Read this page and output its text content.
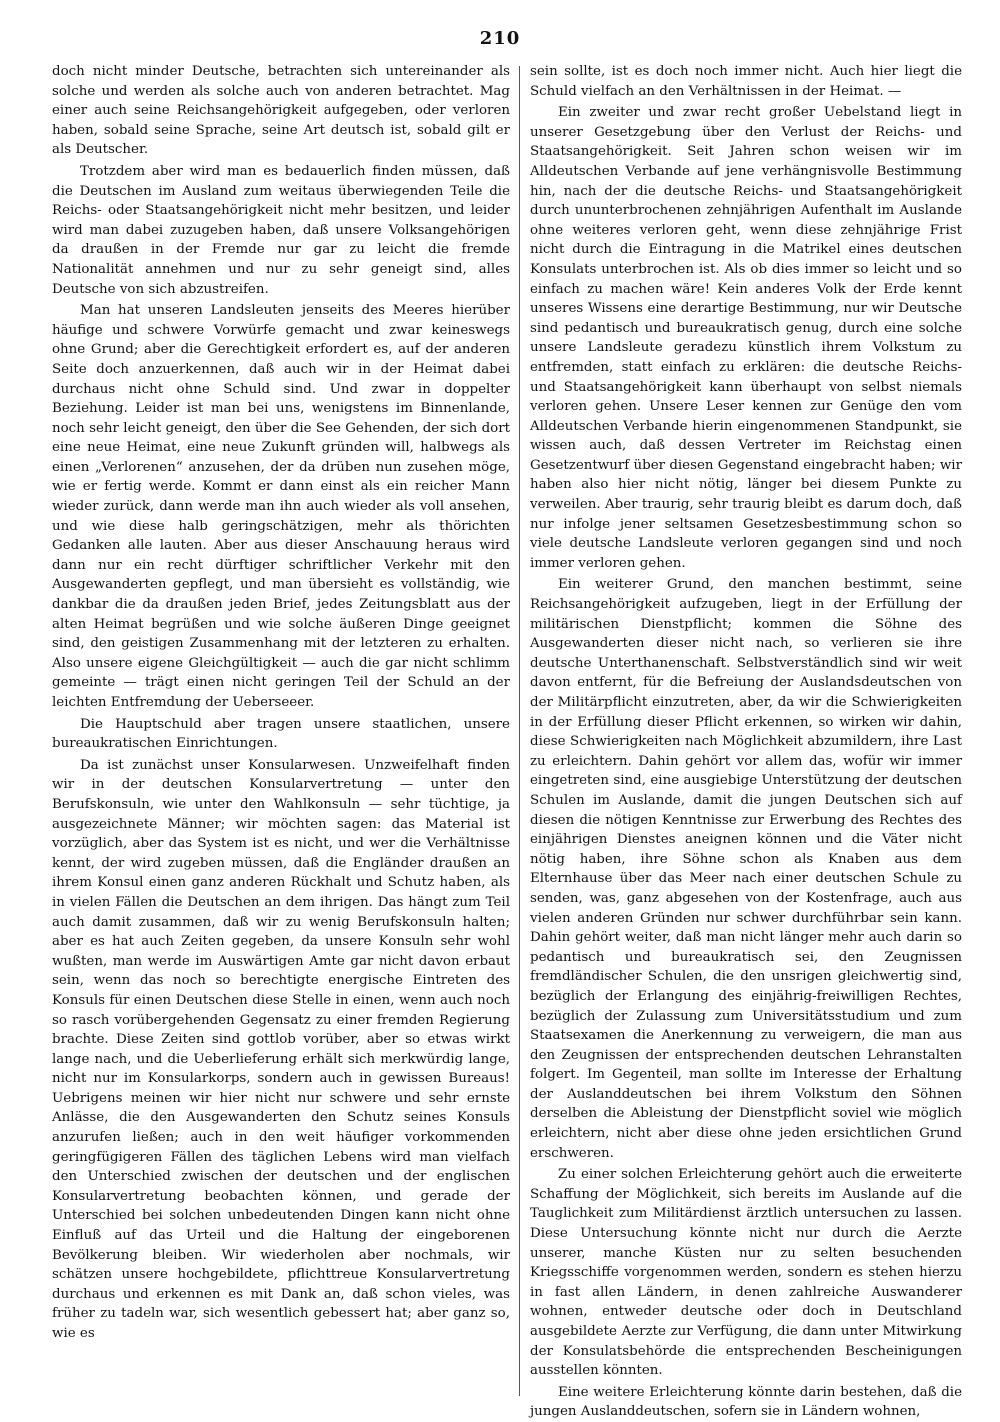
210

doch nicht minder Deutsche, betrachten sich untereinander als solche und werden als solche auch von anderen betrachtet. Mag einer auch seine Reichsangehörigkeit aufgegeben, oder verloren haben, sobald seine Sprache, seine Art deutsch ist, sobald gilt er als Deutscher.

Trotzdem aber wird man es bedauerlich finden müssen, daß die Deutschen im Ausland zum weitaus überwiegenden Teile die Reichs- oder Staatsangehörigkeit nicht mehr besitzen, und leider wird man dabei zuzugeben haben, daß unsere Volksangehörigen da draußen in der Fremde nur gar zu leicht die fremde Nationalität annehmen und nur zu sehr geneigt sind, alles Deutsche von sich abzustreifen.

Man hat unseren Landsleuten jenseits des Meeres hierüber häufige und schwere Vorwürfe gemacht und zwar keineswegs ohne Grund; aber die Gerechtigkeit erfordert es, auf der anderen Seite doch anzuerkennen, daß auch wir in der Heimat dabei durchaus nicht ohne Schuld sind. Und zwar in doppelter Beziehung. Leider ist man bei uns, wenigstens im Binnenlande, noch sehr leicht geneigt, den über die See Gehenden, der sich dort eine neue Heimat, eine neue Zukunft gründen will, halbwegs als einen „Verlorenen“ anzusehen, der da drüben nun zusehen möge, wie er fertig werde. Kommt er dann einst als ein reicher Mann wieder zurück, dann werde man ihn auch wieder als voll ansehen, und wie diese halb geringschätzigen, mehr als thörichten Gedanken alle lauten. Aber aus dieser Anschauung heraus wird dann nur ein recht dürftiger schriftlicher Verkehr mit den Ausgewanderten gepflegt, und man übersieht es vollständig, wie dankbar die da draußen jeden Brief, jedes Zeitungsblatt aus der alten Heimat begrüßen und wie solche äußeren Dinge geeignet sind, den geistigen Zusammenhang mit der letzteren zu erhalten. Also unsere eigene Gleichgültigkeit — auch die gar nicht schlimm gemeinte — trägt einen nicht geringen Teil der Schuld an der leichten Entfremdung der Ueberseeer.

Die Hauptschuld aber tragen unsere staatlichen, unsere bureaukratischen Einrichtungen.

Da ist zunächst unser Konsularwesen. Unzweifelhaft finden wir in der deutschen Konsularvertretung — unter den Berufskonsuln, wie unter den Wahlkonsuln — sehr tüchtige, ja ausgezeichnete Männer; wir möchten sagen: das Material ist vorzüglich, aber das System ist es nicht, und wer die Verhältnisse kennt, der wird zugeben müssen, daß die Engländer draußen an ihrem Konsul einen ganz anderen Rückhalt und Schutz haben, als in vielen Fällen die Deutschen an dem ihrigen. Das hängt zum Teil auch damit zusammen, daß wir zu wenig Berufskonsuln halten; aber es hat auch Zeiten gegeben, da unsere Konsuln sehr wohl wußten, man werde im Auswärtigen Amte gar nicht davon erbaut sein, wenn das noch so berechtigte energische Eintreten des Konsuls für einen Deutschen diese Stelle in einen, wenn auch noch so rasch vorübergehenden Gegensatz zu einer fremden Regierung brachte. Diese Zeiten sind gottlob vorüber, aber so etwas wirkt lange nach, und die Ueberlieferung erhält sich merkwürdig lange, nicht nur im Konsularkorps, sondern auch in gewissen Bureaus! Uebrigens meinen wir hier nicht nur schwere und sehr ernste Anlässe, die den Ausgewanderten den Schutz seines Konsuls anzurufen ließen; auch in den weit häufiger vorkommenden geringfügigeren Fällen des täglichen Lebens wird man vielfach den Unterschied zwischen der deutschen und der englischen Konsularvertretung beobachten können, und gerade der Unterschied bei solchen unbedeutenden Dingen kann nicht ohne Einfluß auf das Urteil und die Haltung der eingeborenen Bevölkerung bleiben. Wir wiederholen aber nochmals, wir schätzen unsere hochgebildete, pflichttreue Konsularvertretung durchaus und erkennen es mit Dank an, daß schon vieles, was früher zu tadeln war, sich wesentlich gebessert hat; aber ganz so, wie es

sein sollte, ist es doch noch immer nicht. Auch hier liegt die Schuld vielfach an den Verhältnissen in der Heimat. —

Ein zweiter und zwar recht großer Uebelstand liegt in unserer Gesetzgebung über den Verlust der Reichs- und Staatsangehörigkeit. Seit Jahren schon weisen wir im Alldeutschen Verbande auf jene verhängnisvolle Bestimmung hin, nach der die deutsche Reichs- und Staatsangehörigkeit durch ununterbrochenen zehnjährigen Aufenthalt im Auslande ohne weiteres verloren geht, wenn diese zehnjährige Frist nicht durch die Eintragung in die Matrikel eines deutschen Konsulats unterbrochen ist. Als ob dies immer so leicht und so einfach zu machen wäre! Kein anderes Volk der Erde kennt unseres Wissens eine derartige Bestimmung, nur wir Deutsche sind pedantisch und bureaukratisch genug, durch eine solche unsere Landsleute geradezu künstlich ihrem Volkstum zu entfremden, statt einfach zu erklären: die deutsche Reichs- und Staatsangehörigkeit kann überhaupt von selbst niemals verloren gehen. Unsere Leser kennen zur Genüge den vom Alldeutschen Verbande hierin eingenommenen Standpunkt, sie wissen auch, daß dessen Vertreter im Reichstag einen Gesetzentwurf über diesen Gegenstand eingebracht haben; wir haben also hier nicht nötig, länger bei diesem Punkte zu verweilen. Aber traurig, sehr traurig bleibt es darum doch, daß nur infolge jener seltsamen Gesetzesbestimmung schon so viele deutsche Landsleute verloren gegangen sind und noch immer verloren gehen.

Ein weiterer Grund, den manchen bestimmt, seine Reichsangehörigkeit aufzugeben, liegt in der Erfüllung der militärischen Dienstpflicht; kommen die Söhne des Ausgewanderten dieser nicht nach, so verlieren sie ihre deutsche Unterthanenschaft. Selbstverständlich sind wir weit davon entfernt, für die Befreiung der Auslandsdeutschen von der Militärpflicht einzutreten, aber, da wir die Schwierigkeiten in der Erfüllung dieser Pflicht erkennen, so wirken wir dahin, diese Schwierigkeiten nach Möglichkeit abzumildern, ihre Last zu erleichtern. Dahin gehört vor allem das, wofür wir immer eingetreten sind, eine ausgiebige Unterstützung der deutschen Schulen im Auslande, damit die jungen Deutschen sich auf diesen die nötigen Kenntnisse zur Erwerbung des Rechtes des einjährigen Dienstes aneignen können und die Väter nicht nötig haben, ihre Söhne schon als Knaben aus dem Elternhause über das Meer nach einer deutschen Schule zu senden, was, ganz abgesehen von der Kostenfrage, auch aus vielen anderen Gründen nur schwer durchführbar sein kann. Dahin gehört weiter, daß man nicht länger mehr auch darin so pedantisch und bureaukratisch sei, den Zeugnissen fremdländischer Schulen, die den unsrigen gleichwertig sind, bezüglich der Erlangung des einjährig-freiwilligen Rechtes, bezüglich der Zulassung zum Universitätsstudium und zum Staatsexamen die Anerkennung zu verweigern, die man aus den Zeugnissen der entsprechenden deutschen Lehranstalten folgert. Im Gegenteil, man sollte im Interesse der Erhaltung der Auslanddeutschen bei ihrem Volkstum den Söhnen derselben die Ableistung der Dienstpflicht soviel wie möglich erleichtern, nicht aber diese ohne jeden ersichtlichen Grund erschweren.

Zu einer solchen Erleichterung gehört auch die erweiterte Schaffung der Möglichkeit, sich bereits im Auslande auf die Tauglichkeit zum Militärdienst ärztlich untersuchen zu lassen. Diese Untersuchung könnte nicht nur durch die Aerzte unserer, manche Küsten nur zu selten besuchenden Kriegsschiffe vorgenommen werden, sondern es stehen hierzu in fast allen Ländern, in denen zahlreiche Auswanderer wohnen, entweder deutsche oder doch in Deutschland ausgebildete Aerzte zur Verfügung, die dann unter Mitwirkung der Konsulatsbehörde die entsprechenden Bescheinigungen ausstellen könnten.

Eine weitere Erleichterung könnte darin bestehen, daß die jungen Auslanddeutschen, sofern sie in Ländern wohnen,
